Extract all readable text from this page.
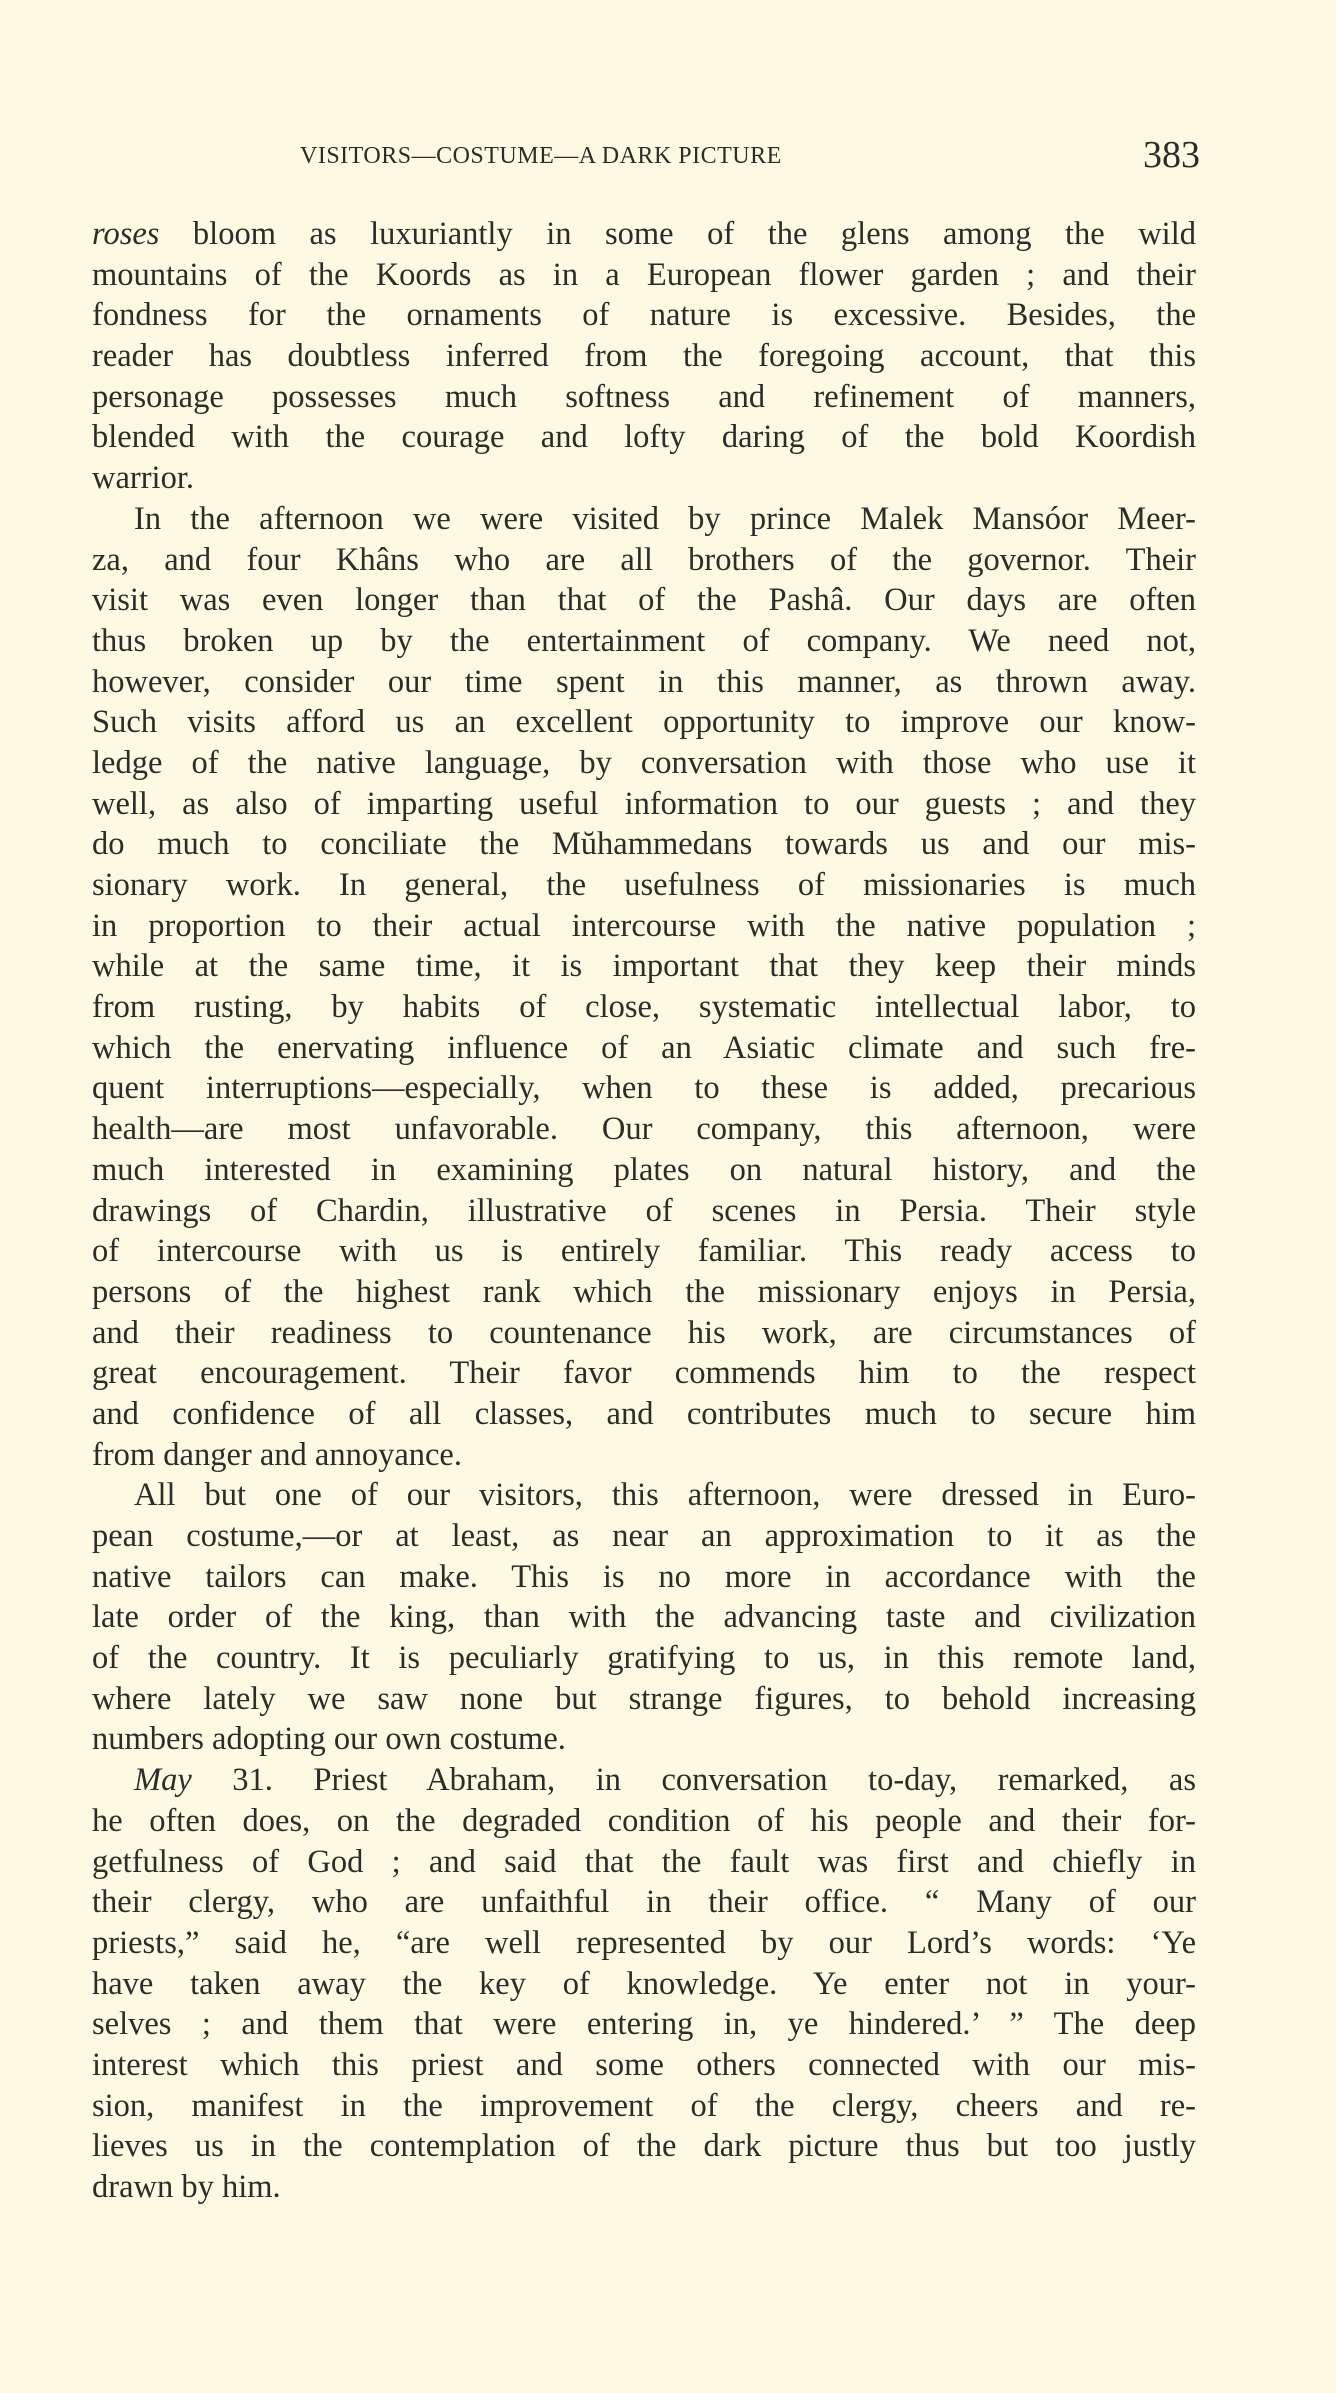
VISITORS—COSTUME—A DARK PICTURE	383
roses bloom as luxuriantly in some of the glens among the wild
mountains of the Koords as in a European flower garden ; and their
fondness for the ornaments of nature is excessive. Besides, the
reader has doubtless inferred from the foregoing account, that this
personage possesses much softness and refinement of manners,
blended with the courage and lofty daring of the bold Koordish
warrior.
In the afternoon we were visited by prince Malek Mansóor Meer-
za, and four Khâns who are all brothers of the governor. Their
visit was even longer than that of the Pashâ. Our days are often
thus broken up by the entertainment of company. We need not,
however, consider our time spent in this manner, as thrown away.
Such visits afford us an excellent opportunity to improve our know-
ledge of the native language, by conversation with those who use it
well, as also of imparting useful information to our guests ; and they
do much to conciliate the Mŭhammedans towards us and our mis-
sionary work. In general, the usefulness of missionaries is much
in proportion to their actual intercourse with the native population ;
while at the same time, it is important that they keep their minds
from rusting, by habits of close, systematic intellectual labor, to
which the enervating influence of an Asiatic climate and such fre-
quent interruptions—especially, when to these is added, precarious
health—are most unfavorable. Our company, this afternoon, were
much interested in examining plates on natural history, and the
drawings of Chardin, illustrative of scenes in Persia. Their style
of intercourse with us is entirely familiar. This ready access to
persons of the highest rank which the missionary enjoys in Persia,
and their readiness to countenance his work, are circumstances of
great encouragement. Their favor commends him to the respect
and confidence of all classes, and contributes much to secure him
from danger and annoyance.
All but one of our visitors, this afternoon, were dressed in Euro-
pean costume,—or at least, as near an approximation to it as the
native tailors can make. This is no more in accordance with the
late order of the king, than with the advancing taste and civilization
of the country. It is peculiarly gratifying to us, in this remote land,
where lately we saw none but strange figures, to behold increasing
numbers adopting our own costume.
May 31. Priest Abraham, in conversation to-day, remarked, as
he often does, on the degraded condition of his people and their for-
getfulness of God ; and said that the fault was first and chiefly in
their clergy, who are unfaithful in their office. “ Many of our
priests,” said he, “are well represented by our Lord’s words: ‘Ye
have taken away the key of knowledge. Ye enter not in your-
selves ; and them that were entering in, ye hindered.’ ” The deep
interest which this priest and some others connected with our mis-
sion, manifest in the improvement of the clergy, cheers and re-
lieves us in the contemplation of the dark picture thus but too justly
drawn by him.
